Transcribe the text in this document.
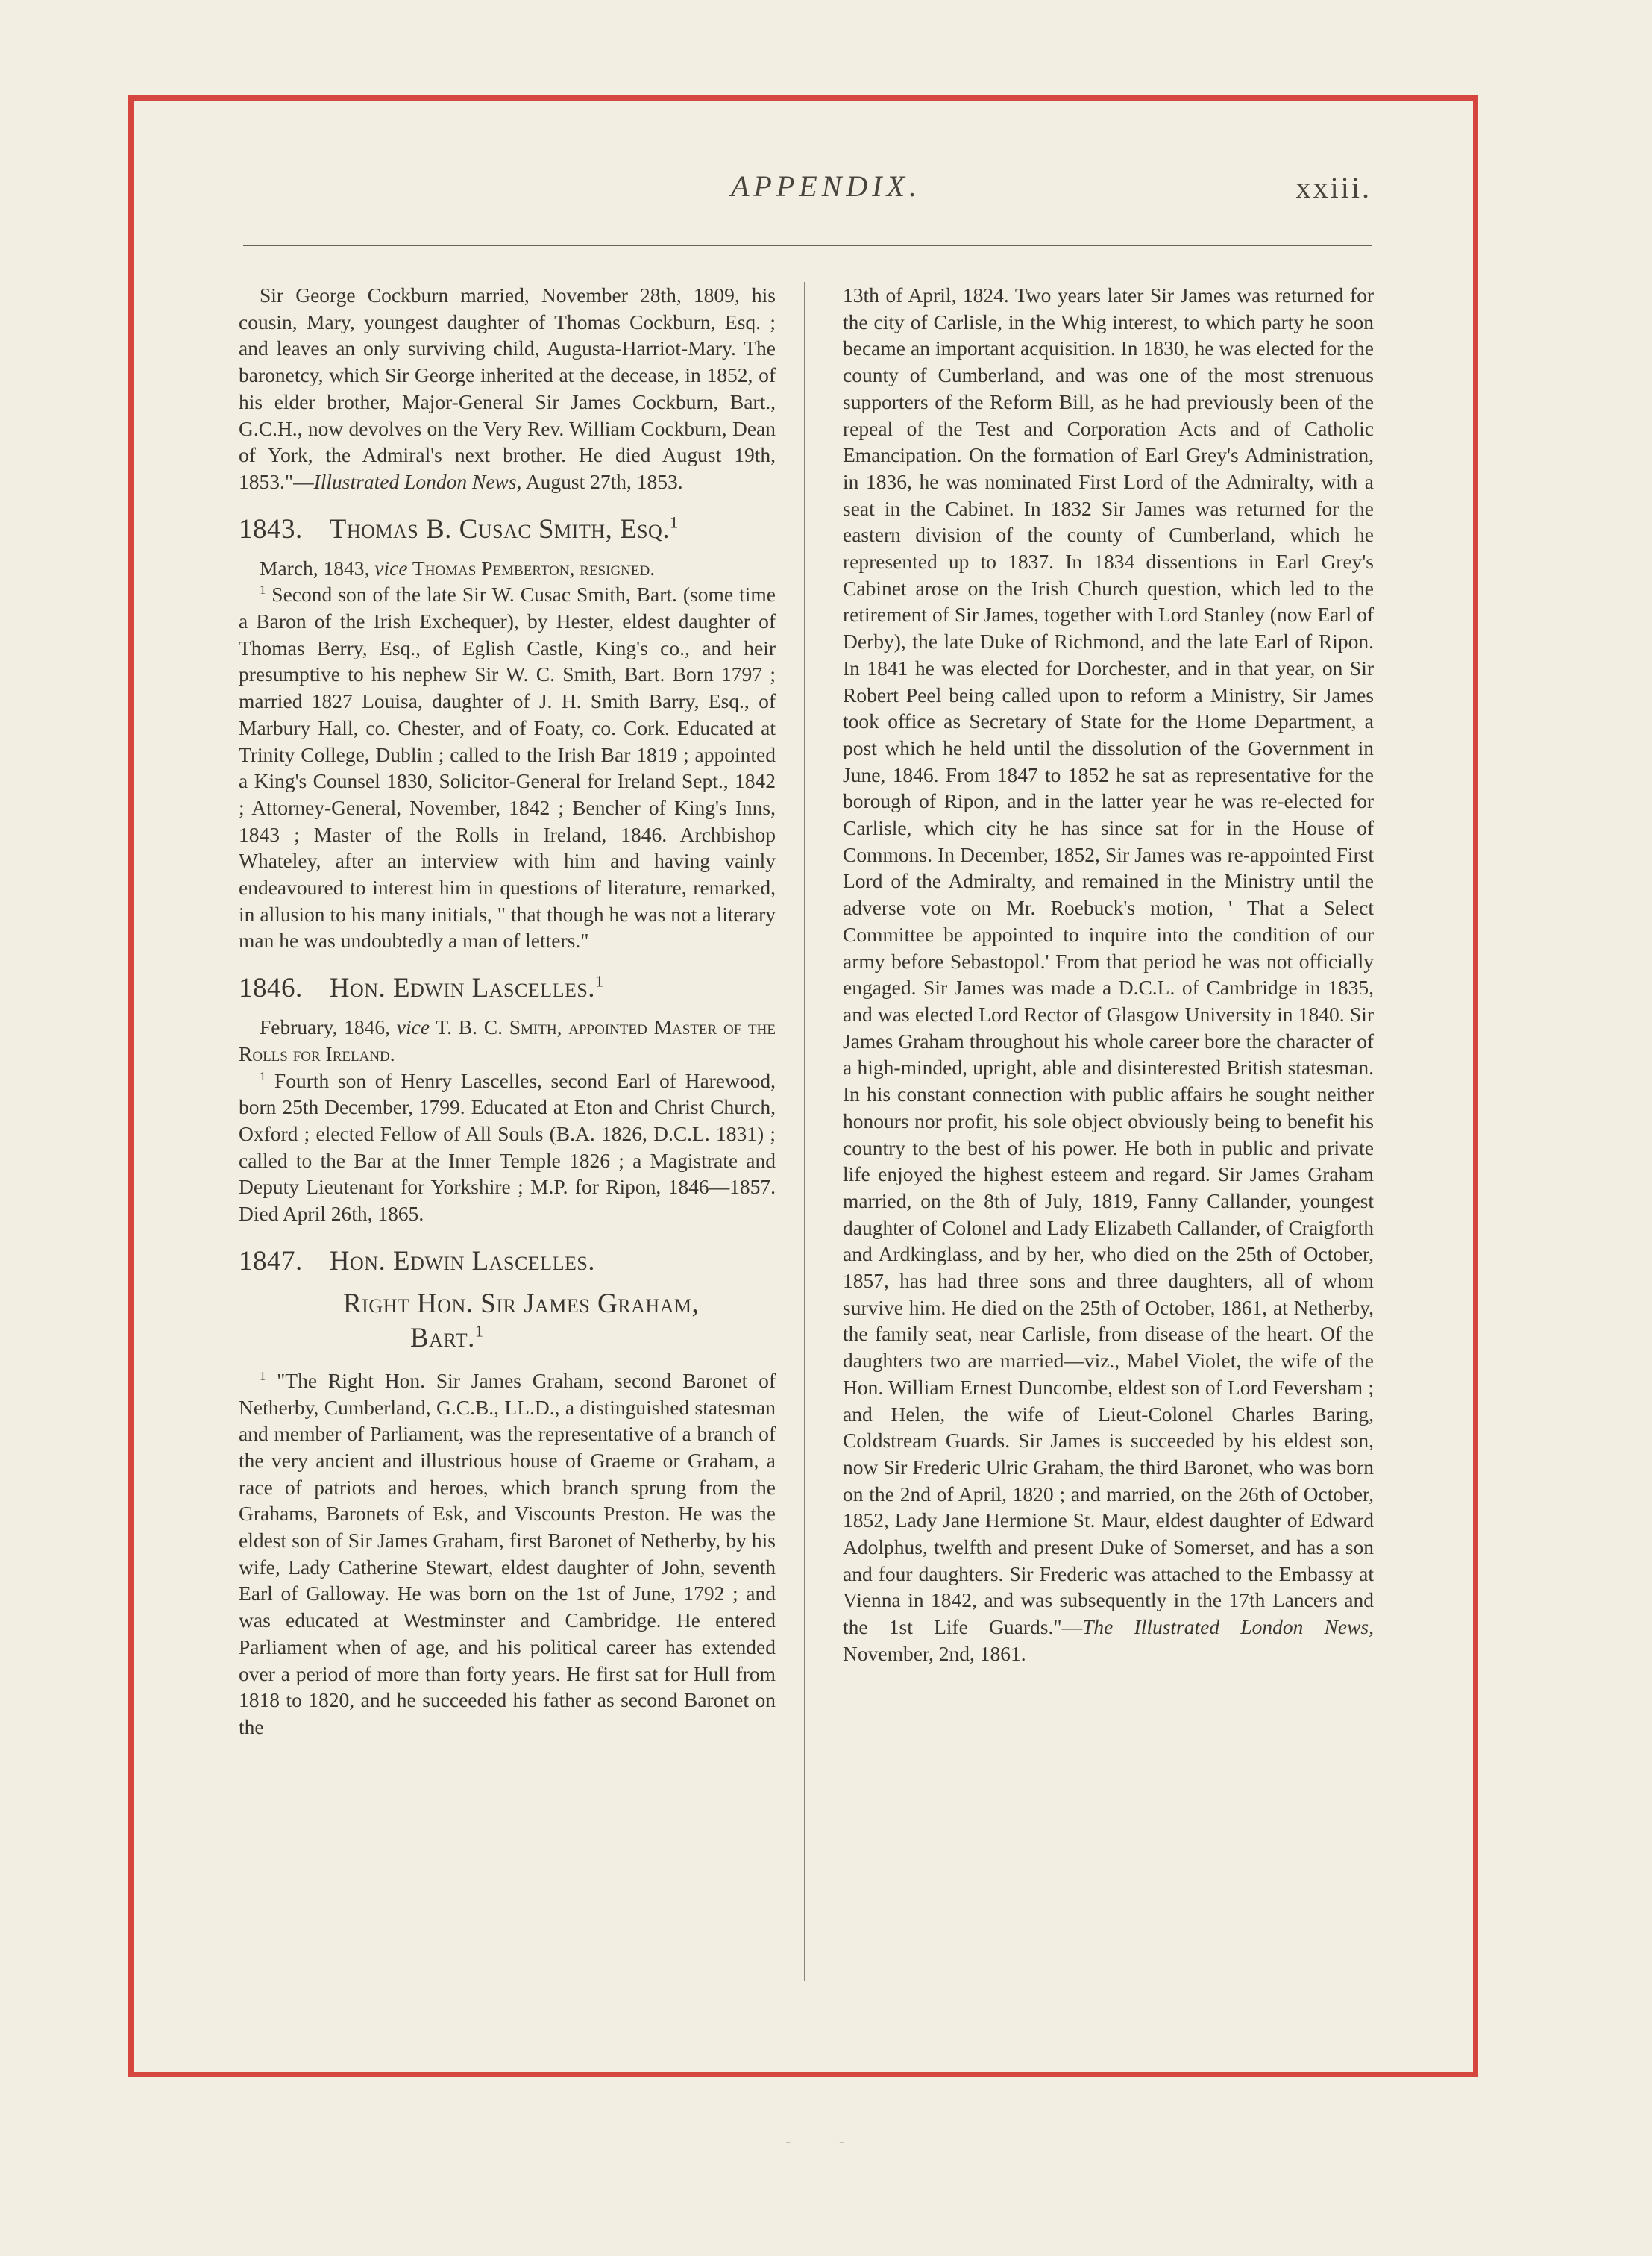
APPENDIX.	xxiii.

Sir George Cockburn married, November 28th, 1809, his cousin, Mary, youngest daughter of Thomas Cockburn, Esq. ; and leaves an only surviving child, Augusta-Harriot-Mary. The baronetcy, which Sir George inherited at the decease, in 1852, of his elder brother, Major-General Sir James Cockburn, Bart., G.C.H., now devolves on the Very Rev. William Cockburn, Dean of York, the Admiral's next brother. He died August 19th, 1853."—Illustrated London News, August 27th, 1853.

1843. Thomas B. Cusac Smith, Esq.$^1$

March, 1843, vice Thomas Pemberton, resigned.

$^1$ Second son of the late Sir W. Cusac Smith, Bart. (some time a Baron of the Irish Exchequer), by Hester, eldest daughter of Thomas Berry, Esq., of Eglish Castle, King's co., and heir presumptive to his nephew Sir W. C. Smith, Bart. Born 1797 ; married 1827 Louisa, daughter of J. H. Smith Barry, Esq., of Marbury Hall, co. Chester, and of Foaty, co. Cork. Educated at Trinity College, Dublin ; called to the Irish Bar 1819 ; appointed a King's Counsel 1830, Solicitor-General for Ireland Sept., 1842 ; Attorney-General, November, 1842 ; Bencher of King's Inns, 1843 ; Master of the Rolls in Ireland, 1846. Archbishop Whateley, after an interview with him and having vainly endeavoured to interest him in questions of literature, remarked, in allusion to his many initials, " that though he was not a literary man he was undoubtedly a man of letters."

1846. Hon. Edwin Lascelles.$^1$

February, 1846, vice T. B. C. Smith, appointed Master of the Rolls for Ireland.

$^1$ Fourth son of Henry Lascelles, second Earl of Harewood, born 25th December, 1799. Educated at Eton and Christ Church, Oxford ; elected Fellow of All Souls (B.A. 1826, D.C.L. 1831) ; called to the Bar at the Inner Temple 1826 ; a Magistrate and Deputy Lieutenant for Yorkshire ; M.P. for Ripon, 1846—1857. Died April 26th, 1865.

1847. Hon. Edwin Lascelles.

Right Hon. Sir James Graham,
Bart.$^1$

$^1$ "The Right Hon. Sir James Graham, second Baronet of Netherby, Cumberland, G.C.B., LL.D., a distinguished statesman and member of Parliament, was the representative of a branch of the very ancient and illustrious house of Graeme or Graham, a race of patriots and heroes, which branch sprung from the Grahams, Baronets of Esk, and Viscounts Preston. He was the eldest son of Sir James Graham, first Baronet of Netherby, by his wife, Lady Catherine Stewart, eldest daughter of John, seventh Earl of Galloway. He was born on the 1st of June, 1792 ; and was educated at Westminster and Cambridge. He entered Parliament when of age, and his political career has extended over a period of more than forty years. He first sat for Hull from 1818 to 1820, and he succeeded his father as second Baronet on the

13th of April, 1824. Two years later Sir James was returned for the city of Carlisle, in the Whig interest, to which party he soon became an important acquisition. In 1830, he was elected for the county of Cumberland, and was one of the most strenuous supporters of the Reform Bill, as he had previously been of the repeal of the Test and Corporation Acts and of Catholic Emancipation. On the formation of Earl Grey's Administration, in 1836, he was nominated First Lord of the Admiralty, with a seat in the Cabinet. In 1832 Sir James was returned for the eastern division of the county of Cumberland, which he represented up to 1837. In 1834 dissentions in Earl Grey's Cabinet arose on the Irish Church question, which led to the retirement of Sir James, together with Lord Stanley (now Earl of Derby), the late Duke of Richmond, and the late Earl of Ripon. In 1841 he was elected for Dorchester, and in that year, on Sir Robert Peel being called upon to reform a Ministry, Sir James took office as Secretary of State for the Home Department, a post which he held until the dissolution of the Government in June, 1846. From 1847 to 1852 he sat as representative for the borough of Ripon, and in the latter year he was re-elected for Carlisle, which city he has since sat for in the House of Commons. In December, 1852, Sir James was re-appointed First Lord of the Admiralty, and remained in the Ministry until the adverse vote on Mr. Roebuck's motion, ' That a Select Committee be appointed to inquire into the condition of our army before Sebastopol.' From that period he was not officially engaged. Sir James was made a D.C.L. of Cambridge in 1835, and was elected Lord Rector of Glasgow University in 1840. Sir James Graham throughout his whole career bore the character of a high-minded, upright, able and disinterested British statesman. In his constant connection with public affairs he sought neither honours nor profit, his sole object obviously being to benefit his country to the best of his power. He both in public and private life enjoyed the highest esteem and regard. Sir James Graham married, on the 8th of July, 1819, Fanny Callander, youngest daughter of Colonel and Lady Elizabeth Callander, of Craigforth and Ardkinglass, and by her, who died on the 25th of October, 1857, has had three sons and three daughters, all of whom survive him. He died on the 25th of October, 1861, at Netherby, the family seat, near Carlisle, from disease of the heart. Of the daughters two are married—viz., Mabel Violet, the wife of the Hon. William Ernest Duncombe, eldest son of Lord Feversham ; and Helen, the wife of Lieut-Colonel Charles Baring, Coldstream Guards. Sir James is succeeded by his eldest son, now Sir Frederic Ulric Graham, the third Baronet, who was born on the 2nd of April, 1820 ; and married, on the 26th of October, 1852, Lady Jane Hermione St. Maur, eldest daughter of Edward Adolphus, twelfth and present Duke of Somerset, and has a son and four daughters. Sir Frederic was attached to the Embassy at Vienna in 1842, and was subsequently in the 17th Lancers and the 1st Life Guards."—The Illustrated London News, November, 2nd, 1861.

- -
